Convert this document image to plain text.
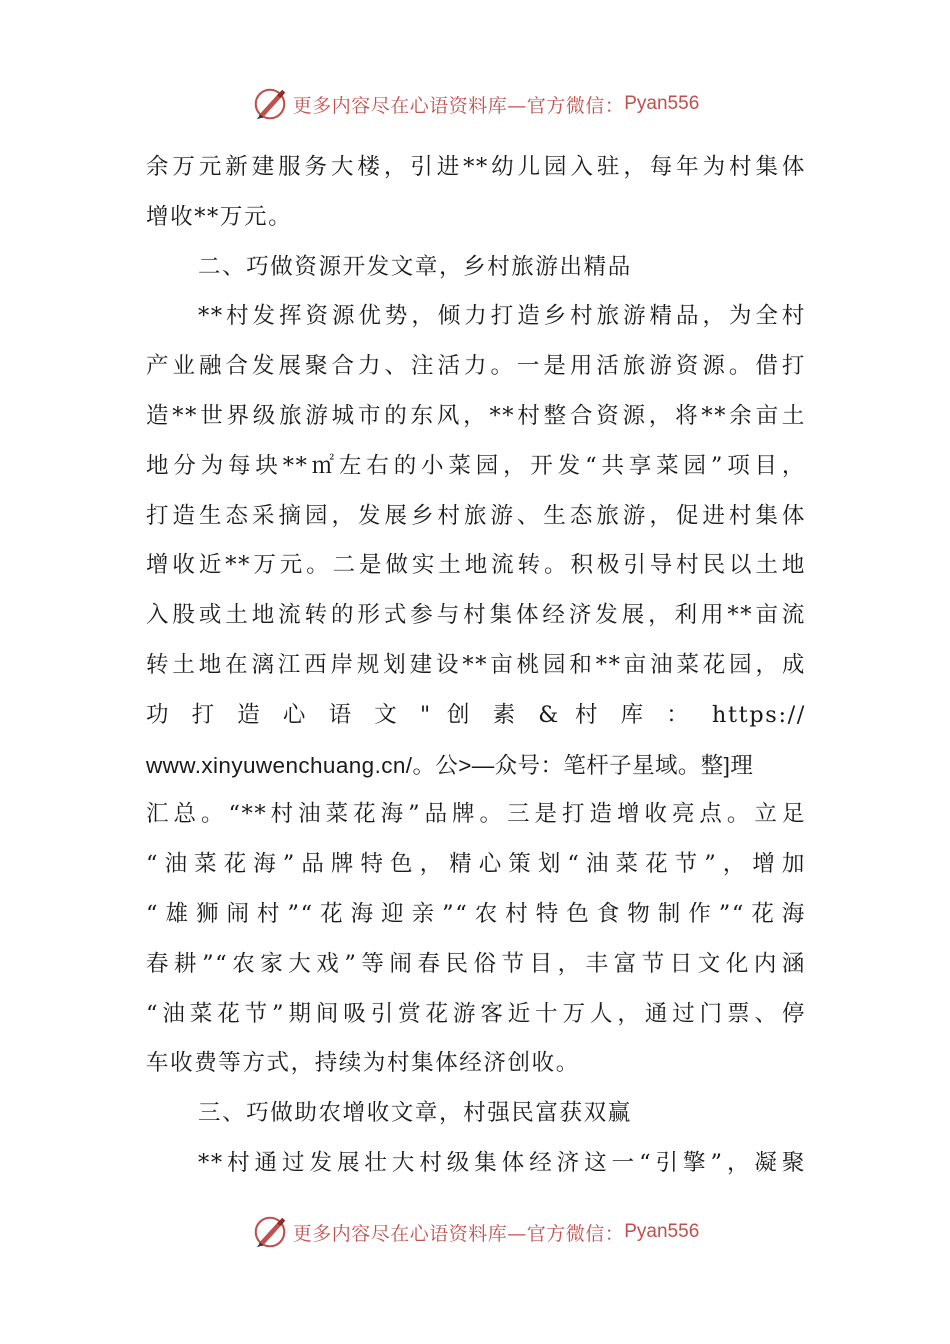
更多内容尽在心语资料库—官方微信： Pyan556
余万元新建服务大楼，引进**幼儿园入驻，每年为村集体
增收**万元。
二、巧做资源开发文章，乡村旅游出精品
**村发挥资源优势，倾力打造乡村旅游精品，为全村
产业融合发展聚合力、注活力。一是用活旅游资源。借打
造**世界级旅游城市的东风，**村整合资源，将**余亩土
地分为每块**㎡左右的小菜园，开发“共享菜园”项目，
打造生态采摘园，发展乡村旅游、生态旅游，促进村集体
增收近**万元。二是做实土地流转。积极引导村民以土地
入股或土地流转的形式参与村集体经济发展，利用**亩流
转土地在漓江西岸规划建设**亩桃园和**亩油菜花园，成
功 打 造 心 语 文 " 创 素 & 村 库 ： https://
www.xinyuwenchuang.cn/。公>—众号：笔杆子星域。整]理
汇总。“**村油菜花海”品牌。三是打造增收亮点。立足
“油菜花海”品牌特色，精心策划“油菜花节”，增加
“雄狮闹村”“花海迎亲”“农村特色食物制作”“花海
春耕”“农家大戏”等闹春民俗节目，丰富节日文化内涵
“油菜花节”期间吸引赏花游客近十万人，通过门票、停
车收费等方式，持续为村集体经济创收。
三、巧做助农增收文章，村强民富获双赢
**村通过发展壮大村级集体经济这一“引擎”，凝聚
更多内容尽在心语资料库—官方微信： Pyan556
